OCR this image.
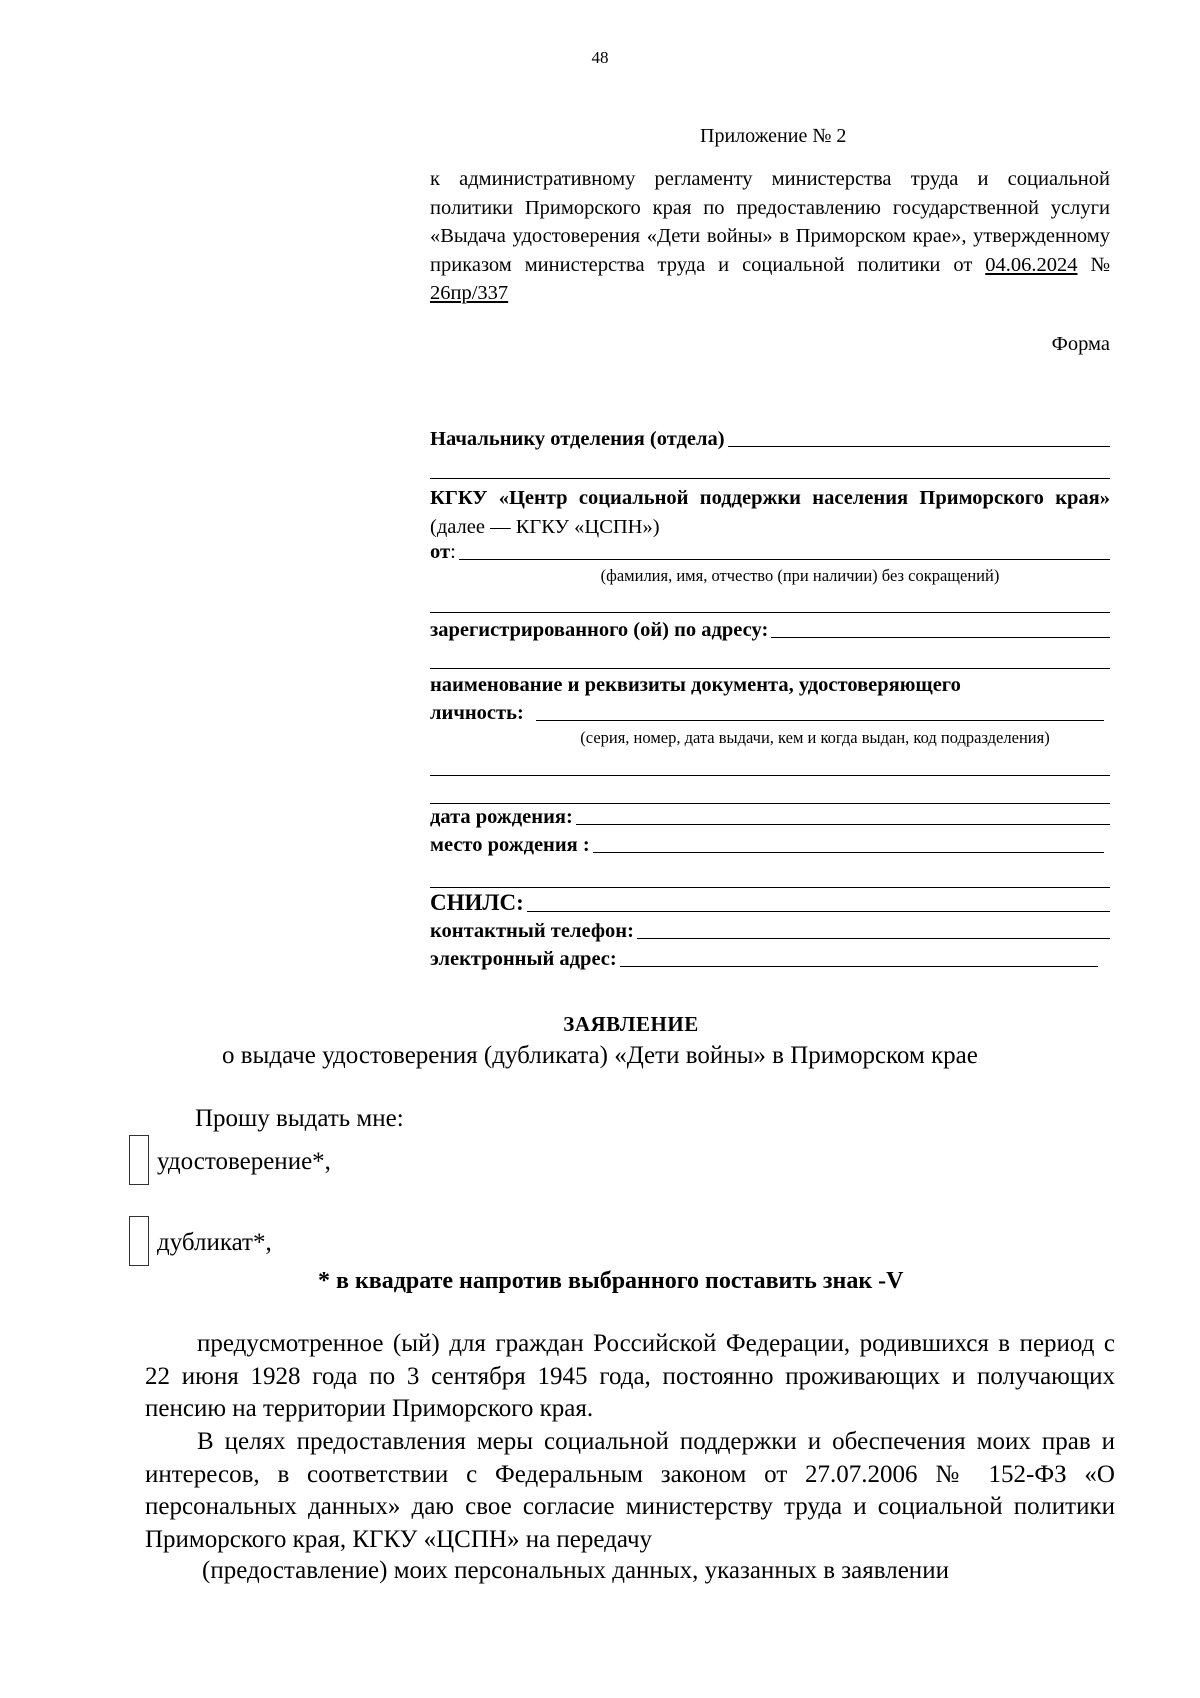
48
Приложение № 2
к административному регламенту министерства труда и социальной политики Приморского края по предоставлению государственной услуги «Выдача удостоверения «Дети войны» в Приморском крае», утвержденному приказом министерства труда и социальной политики от 04.06.2024 № 26пр/337
Форма
Начальнику отделения (отдела)
КГКУ «Центр социальной поддержки населения Приморского края» (далее — КГКУ «ЦСПН»)
от :
(фамилия, имя, отчество (при наличии) без сокращений)
зарегистрированного (ой) по адресу:
наименование и реквизиты документа, удостоверяющего
личность:
(серия, номер, дата выдачи, кем и когда выдан, код подразделения)
дата рождения:
место рождения :
СНИЛС:
контактный телефон:
электронный адрес:
ЗАЯВЛЕНИЕ
о выдаче удостоверения (дубликата) «Дети войны» в Приморском крае
Прошу выдать мне:
удостоверение*,
дубликат*,
* в квадрате напротив выбранного поставить знак -V
предусмотренное (ый) для граждан Российской Федерации, родившихся в период с 22 июня 1928 года по 3 сентября 1945 года, постоянно проживающих и получающих пенсию на территории Приморского края.
В целях предоставления меры социальной поддержки и обеспечения моих прав и интересов, в соответствии с Федеральным законом от 27.07.2006 № 152-ФЗ «О персональных данных» даю свое согласие министерству труда и социальной политики Приморского края, КГКУ «ЦСПН» на передачу
(предоставление) моих персональных данных, указанных в заявлении
